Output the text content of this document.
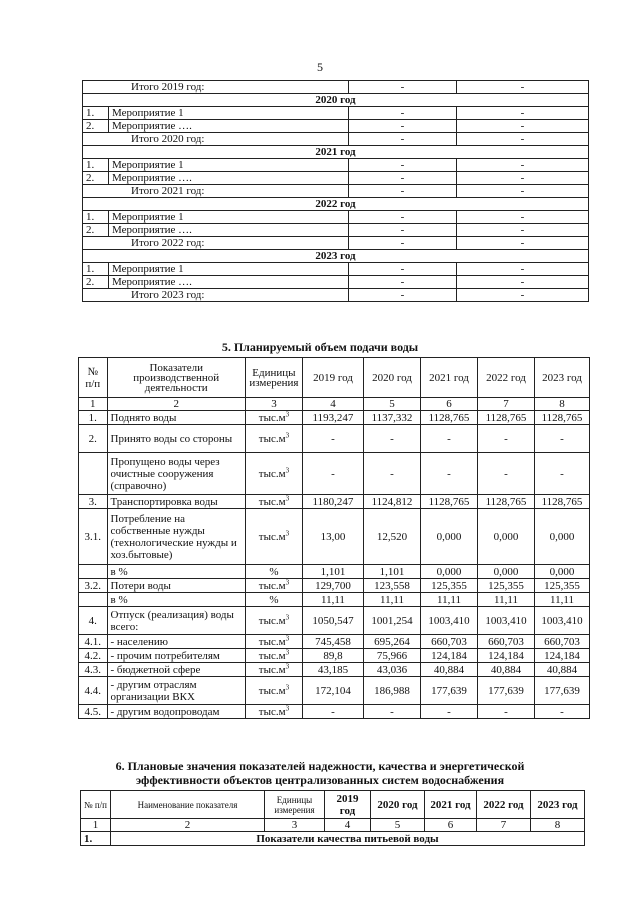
5
Итого 2019 год:		-	-
2020 год			
1.	Мероприятие 1	-	-
2.	Мероприятие ….	-	-
Итого 2020 год:		-	-
2021 год			
1.	Мероприятие 1	-	-
2.	Мероприятие ….	-	-
Итого 2021 год:		-	-
2022 год			
1.	Мероприятие 1	-	-
2.	Мероприятие ….	-	-
Итого 2022 год:		-	-
2023 год			
1.	Мероприятие 1	-	-
2.	Мероприятие ….	-	-
Итого 2023 год:		-	-
5. Планируемый объем подачи воды
№ п/п	Показатели производственной деятельности	Единицы измерения	2019 год	2020 год	2021 год	2022 год	2023 год
1	2	3	4	5	6	7	8
1.	Поднято воды	$тыс.м^3$	1193,247	1137,332	1128,765	1128,765	1128,765
2.	Принято воды со стороны	$тыс.м^3$	-	-	-	-	-
	Пропущено воды через очистные сооружения (справочно)	$тыс.м^3$	-	-	-	-	-
3.	Транспортировка воды	$тыс.м^3$	1180,247	1124,812	1128,765	1128,765	1128,765
3.1.	Потребление на собственные нужды (технологические нужды и хоз.бытовые)	$тыс.м^3$	13,00	12,520	0,000	0,000	0,000
	в %	%	1,101	1,101	0,000	0,000	0,000
3.2.	Потери воды	$тыс.м^3$	129,700	123,558	125,355	125,355	125,355
	в %	%	11,11	11,11	11,11	11,11	11,11
4.	Отпуск (реализация) воды всего:	$тыс.м^3$	1050,547	1001,254	1003,410	1003,410	1003,410
4.1.	- населению	$тыс.м^3$	745,458	695,264	660,703	660,703	660,703
4.2.	- прочим потребителям	$тыс.м^3$	89,8	75,966	124,184	124,184	124,184
4.3.	- бюджетной сфере	$тыс.м^3$	43,185	43,036	40,884	40,884	40,884
4.4.	- другим отраслям организации ВКХ	$тыс.м^3$	172,104	186,988	177,639	177,639	177,639
4.5.	- другим водопроводам	$тыс.м^3$	-	-	-	-	-
6. Плановые значения показателей надежности, качества и энергетической
эффективности объектов централизованных систем водоснабжения
№ п/п	Наименование показателя	Единицы измерения	2019 год	2020 год	2021 год	2022 год	2023 год
1	2	3	4	5	6	7	8
1.	Показатели качества питьевой воды						
